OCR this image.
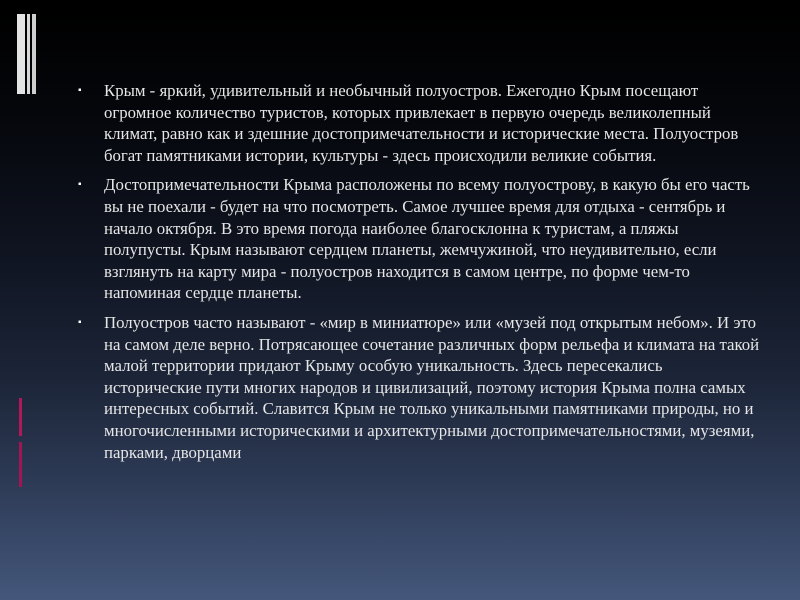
▪ Крым - яркий, удивительный и необычный полуостров. Ежегодно Крым посещают огромное количество туристов, которых привлекает в первую очередь великолепный климат, равно как и здешние достопримечательности и исторические места. Полуостров богат памятниками истории, культуры - здесь происходили великие события.
▪ Достопримечательности Крыма расположены по всему полуострову, в какую бы его часть вы не поехали - будет на что посмотреть. Самое лучшее время для отдыха - сентябрь и начало октября. В это время погода наиболее благосклонна к туристам, а пляжы полупусты. Крым называют сердцем планеты, жемчужиной, что неудивительно, если взглянуть на карту мира - полуостров находится в самом центре, по форме чем-то напоминая сердце планеты.
▪ Полуостров часто называют - «мир в миниатюре» или «музей под открытым небом». И это на самом деле верно. Потрясающее сочетание различных форм рельефа и климата на такой малой территории придают Крыму особую уникальность. Здесь пересекались исторические пути многих народов и цивилизаций, поэтому история Крыма полна самых интересных событий. Славится Крым не только уникальными памятниками природы, но и многочисленными историческими и архитектурными достопримечательностями, музеями, парками, дворцами
